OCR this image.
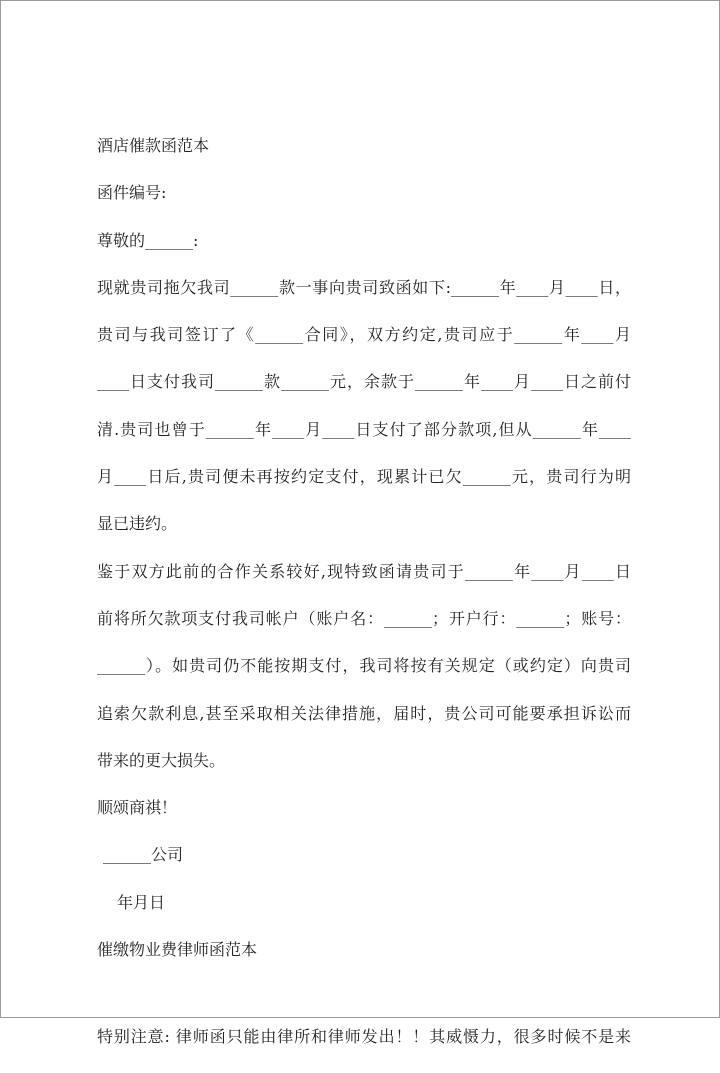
酒店催款函范本
函件编号:
尊敬的______:
现就贵司拖欠我司______款一事向贵司致函如下:______年____月____日，
贵司与我司签订了《______合同》，双方约定,贵司应于______年____月
____日支付我司______款______元，余款于______年____月____日之前付
清.贵司也曾于______年____月____日支付了部分款项,但从______年____
月____日后,贵司便未再按约定支付，现累计已欠______元，贵司行为明
显已违约。
鉴于双方此前的合作关系较好,现特致函请贵司于______年____月____日
前将所欠款项支付我司帐户（账户名：______；开户行：______；账号：
______）。如贵司仍不能按期支付，我司将按有关规定（或约定）向贵司
追索欠款利息,甚至采取相关法律措施，届时，贵公司可能要承担诉讼而
带来的更大损失。
顺颂商祺！
______公司
年月日
催缴物业费律师函范本
特别注意: 律师函只能由律所和律师发出！！其威慑力，很多时候不是来
